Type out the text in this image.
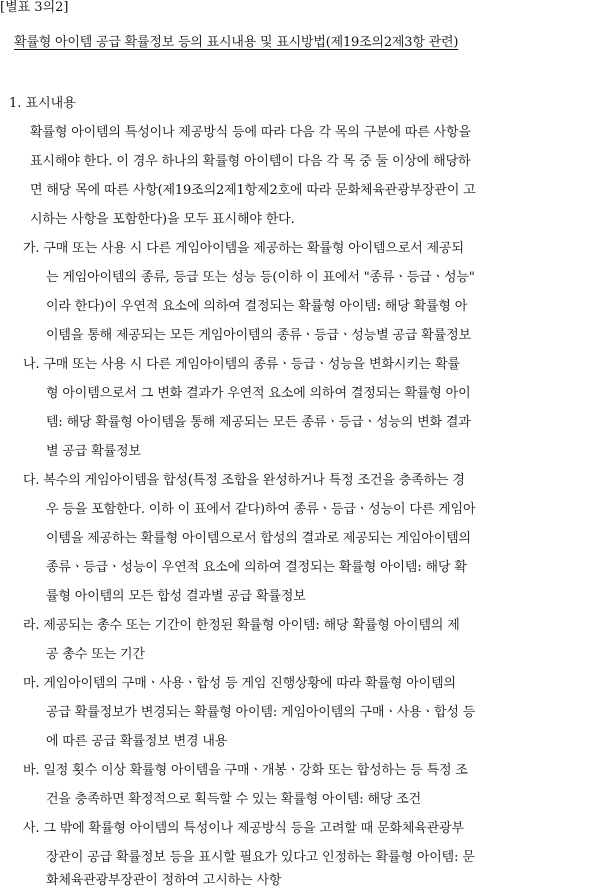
[별표 3의2]
확률형 아이템 공급 확률정보 등의 표시내용 및 표시방법(제19조의2제3항 관련)
1. 표시내용
확률형 아이템의 특성이나 제공방식 등에 따라 다음 각 목의 구분에 따른 사항을
표시해야 한다. 이 경우 하나의 확률형 아이템이 다음 각 목 중 둘 이상에 해당하
면 해당 목에 따른 사항(제19조의2제1항제2호에 따라 문화체육관광부장관이 고
시하는 사항을 포함한다)을 모두 표시해야 한다.
가. 구매 또는 사용 시 다른 게임아이템을 제공하는 확률형 아이템으로서 제공되
는 게임아이템의 종류, 등급 또는 성능 등(이하 이 표에서 "종류ㆍ등급ㆍ성능"
이라 한다)이 우연적 요소에 의하여 결정되는 확률형 아이템: 해당 확률형 아
이템을 통해 제공되는 모든 게임아이템의 종류ㆍ등급ㆍ성능별 공급 확률정보
나. 구매 또는 사용 시 다른 게임아이템의 종류ㆍ등급ㆍ성능을 변화시키는 확률
형 아이템으로서 그 변화 결과가 우연적 요소에 의하여 결정되는 확률형 아이
템: 해당 확률형 아이템을 통해 제공되는 모든 종류ㆍ등급ㆍ성능의 변화 결과
별 공급 확률정보
다. 복수의 게임아이템을 합성(특정 조합을 완성하거나 특정 조건을 충족하는 경
우 등을 포함한다. 이하 이 표에서 같다)하여 종류ㆍ등급ㆍ성능이 다른 게임아
이템을 제공하는 확률형 아이템으로서 합성의 결과로 제공되는 게임아이템의
종류ㆍ등급ㆍ성능이 우연적 요소에 의하여 결정되는 확률형 아이템: 해당 확
률형 아이템의 모든 합성 결과별 공급 확률정보
라. 제공되는 총수 또는 기간이 한정된 확률형 아이템: 해당 확률형 아이템의 제
공 총수 또는 기간
마. 게임아이템의 구매ㆍ사용ㆍ합성 등 게임 진행상황에 따라 확률형 아이템의
공급 확률정보가 변경되는 확률형 아이템: 게임아이템의 구매ㆍ사용ㆍ합성 등
에 따른 공급 확률정보 변경 내용
바. 일정 횟수 이상 확률형 아이템을 구매ㆍ개봉ㆍ강화 또는 합성하는 등 특정 조
건을 충족하면 확정적으로 획득할 수 있는 확률형 아이템: 해당 조건
사. 그 밖에 확률형 아이템의 특성이나 제공방식 등을 고려할 때 문화체육관광부
장관이 공급 확률정보 등을 표시할 필요가 있다고 인정하는 확률형 아이템: 문
화체육관광부장관이 정하여 고시하는 사항
